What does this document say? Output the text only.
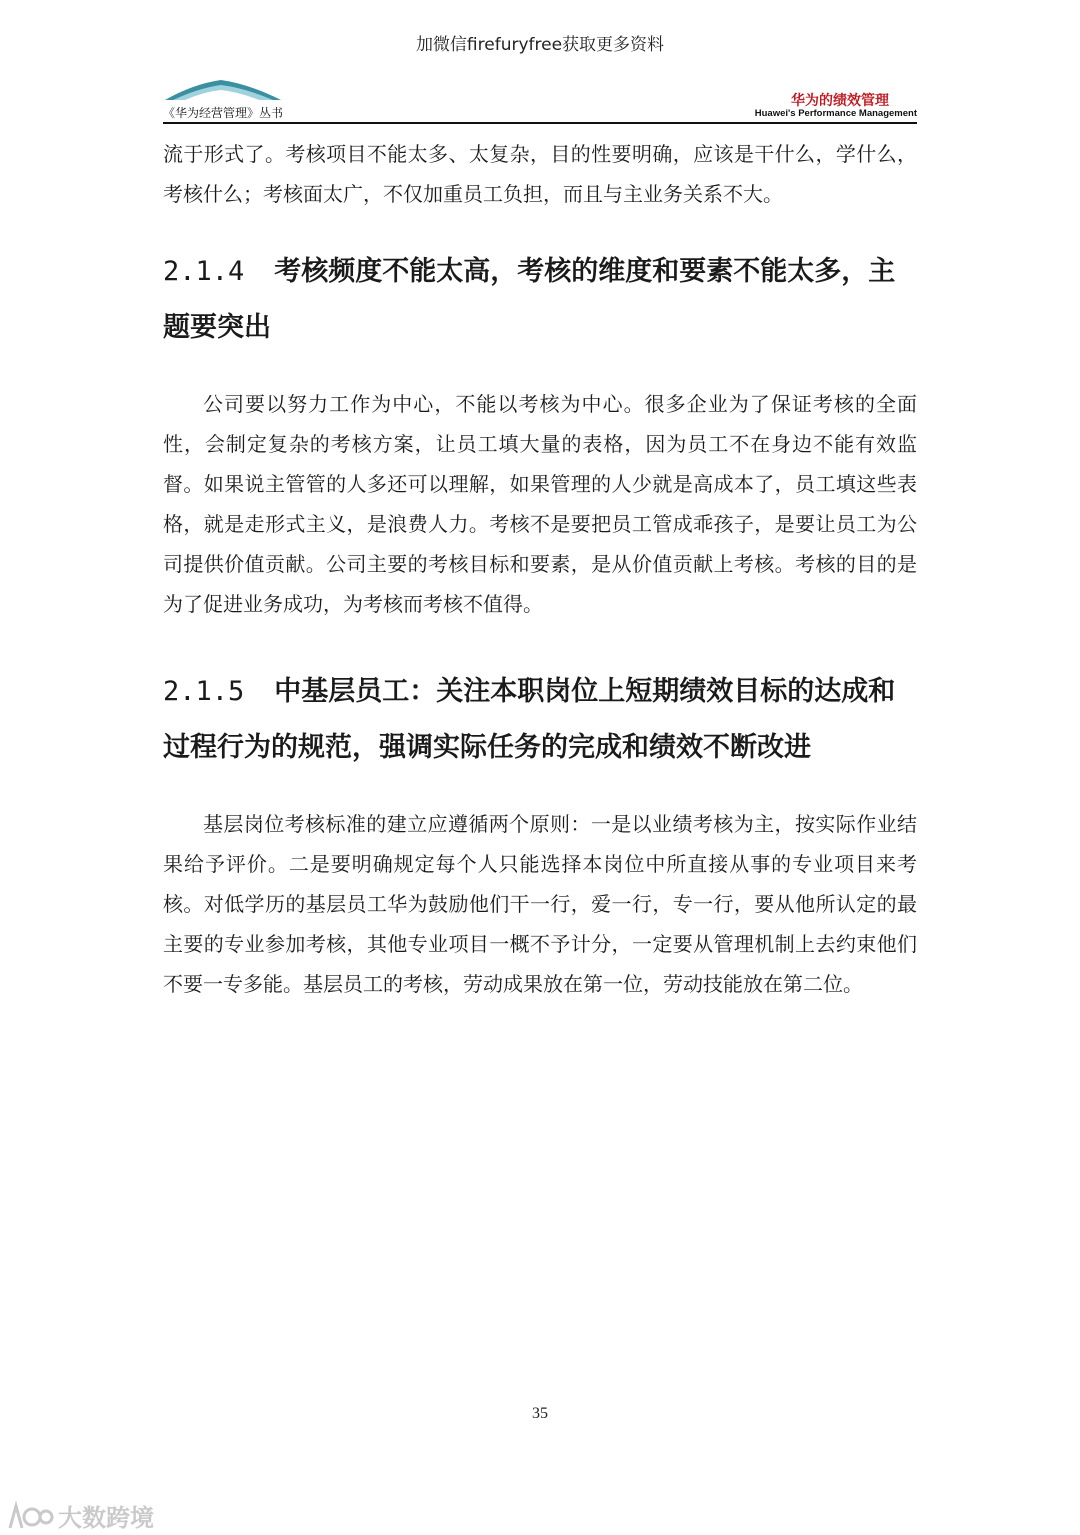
加微信firefuryfree获取更多资料
《华为经营管理》丛书
华为的绩效管理
Huawei's Performance Management

流于形式了。考核项目不能太多、太复杂，目的性要明确，应该是干什么，学什么，考核什么；考核面太广，不仅加重员工负担，而且与主业务关系不大。

2.1.4 考核频度不能太高，考核的维度和要素不能太多，主题要突出

公司要以努力工作为中心，不能以考核为中心。很多企业为了保证考核的全面性，会制定复杂的考核方案，让员工填大量的表格，因为员工不在身边不能有效监督。如果说主管管的人多还可以理解，如果管理的人少就是高成本了，员工填这些表格，就是走形式主义，是浪费人力。考核不是要把员工管成乖孩子，是要让员工为公司提供价值贡献。公司主要的考核目标和要素，是从价值贡献上考核。考核的目的是为了促进业务成功，为考核而考核不值得。

2.1.5 中基层员工：关注本职岗位上短期绩效目标的达成和过程行为的规范，强调实际任务的完成和绩效不断改进

基层岗位考核标准的建立应遵循两个原则：一是以业绩考核为主，按实际作业结果给予评价。二是要明确规定每个人只能选择本岗位中所直接从事的专业项目来考核。对低学历的基层员工华为鼓励他们干一行，爱一行，专一行，要从他所认定的最主要的专业参加考核，其他专业项目一概不予计分，一定要从管理机制上去约束他们不要一专多能。基层员工的考核，劳动成果放在第一位，劳动技能放在第二位。

35
大数跨境
